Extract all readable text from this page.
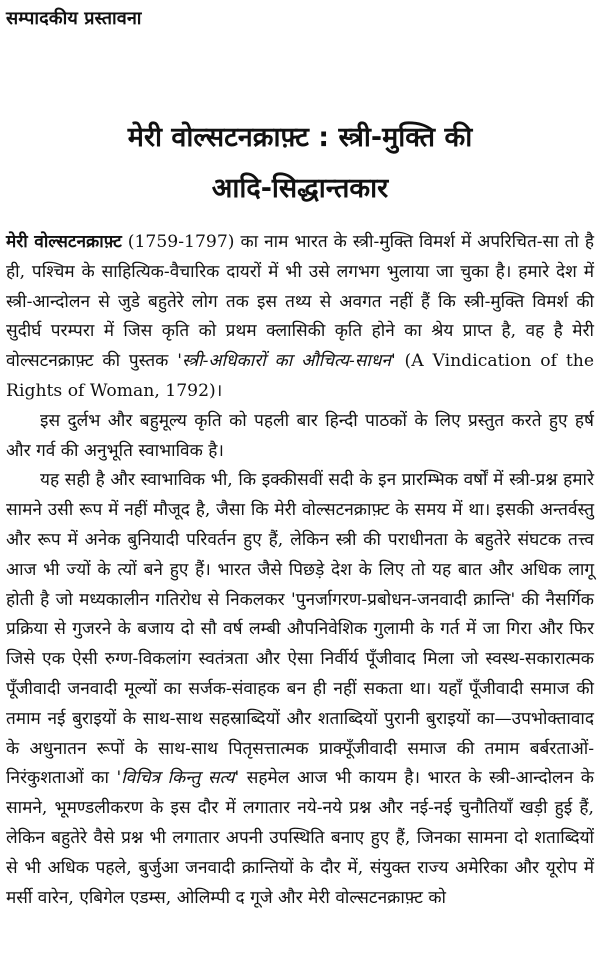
सम्पादकीय प्रस्तावना
मेरी वोल्सटनक्राफ़्ट : स्त्री-मुक्ति की
आदि-सिद्धान्तकार

मेरी वोल्सटनक्राफ़्ट (1759-1797) का नाम भारत के स्त्री-मुक्ति विमर्श में अपरिचित-सा तो है ही, पश्चिम के साहित्यिक-वैचारिक दायरों में भी उसे लगभग भुलाया जा चुका है। हमारे देश में स्त्री-आन्दोलन से जुडे बहुतेरे लोग तक इस तथ्य से अवगत नहीं हैं कि स्त्री-मुक्ति विमर्श की सुदीर्घ परम्परा में जिस कृति को प्रथम क्लासिकी कृति होने का श्रेय प्राप्त है, वह है मेरी वोल्सटनक्राफ़्ट की पुस्तक 'स्त्री-अधिकारों का औचित्य-साधन' (A Vindication of the Rights of Woman, 1792)।

इस दुर्लभ और बहुमूल्य कृति को पहली बार हिन्दी पाठकों के लिए प्रस्तुत करते हुए हर्ष और गर्व की अनुभूति स्वाभाविक है।

यह सही है और स्वाभाविक भी, कि इक्कीसवीं सदी के इन प्रारम्भिक वर्षों में स्त्री-प्रश्न हमारे सामने उसी रूप में नहीं मौजूद है, जैसा कि मेरी वोल्सटनक्राफ़्ट के समय में था। इसकी अन्तर्वस्तु और रूप में अनेक बुनियादी परिवर्तन हुए हैं, लेकिन स्त्री की पराधीनता के बहुतेरे संघटक तत्त्व आज भी ज्यों के त्यों बने हुए हैं। भारत जैसे पिछड़े देश के लिए तो यह बात और अधिक लागू होती है जो मध्यकालीन गतिरोध से निकलकर 'पुनर्जागरण-प्रबोधन-जनवादी क्रान्ति' की नैसर्गिक प्रक्रिया से गुजरने के बजाय दो सौ वर्ष लम्बी औपनिवेशिक गुलामी के गर्त में जा गिरा और फिर जिसे एक ऐसी रुग्ण-विकलांग स्वतंत्रता और ऐसा निर्वीर्य पूँजीवाद मिला जो स्वस्थ-सकारात्मक पूँजीवादी जनवादी मूल्यों का सर्जक-संवाहक बन ही नहीं सकता था। यहाँ पूँजीवादी समाज की तमाम नई बुराइयों के साथ-साथ सहस्राब्दियों और शताब्दियों पुरानी बुराइयों का—उपभोक्तावाद के अधुनातन रूपों के साथ-साथ पितृसत्तात्मक प्राक्पूँजीवादी समाज की तमाम बर्बरताओं-निरंकुशताओं का 'विचित्र किन्तु सत्य' सहमेल आज भी कायम है। भारत के स्त्री-आन्दोलन के सामने, भूमण्डलीकरण के इस दौर में लगातार नये-नये प्रश्न और नई-नई चुनौतियाँ खड़ी हुई हैं, लेकिन बहुतेरे वैसे प्रश्न भी लगातार अपनी उपस्थिति बनाए हुए हैं, जिनका सामना दो शताब्दियों से भी अधिक पहले, बुर्जुआ जनवादी क्रान्तियों के दौर में, संयुक्त राज्य अमेरिका और यूरोप में मर्सी वारेन, एबिगेल एडम्स, ओलिम्पी द गूजे और मेरी वोल्सटनक्राफ़्ट को
